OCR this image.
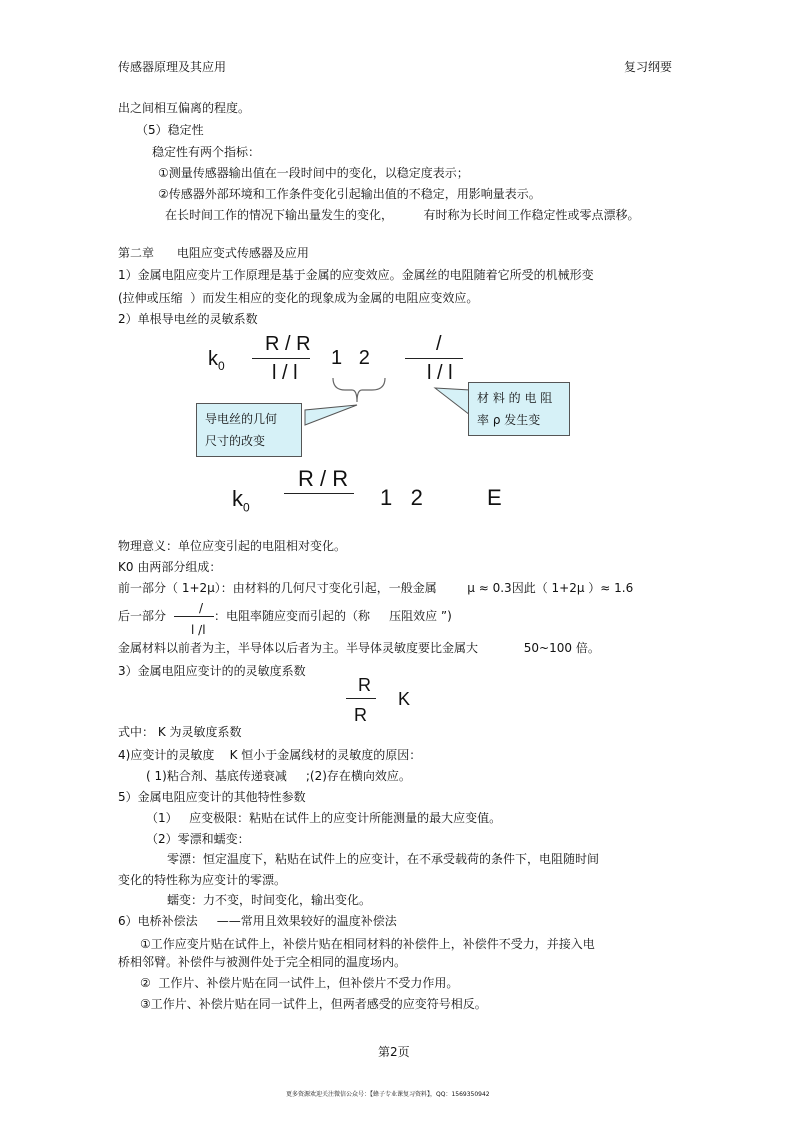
传感器原理及其应用	复习纲要
出之间相互偏离的程度。
（5）稳定性
稳定性有两个指标：
①测量传感器输出值在一段时间中的变化，以稳定度表示；
②传感器外部环境和工作条件变化引起输出值的不稳定，用影响量表示。
在长时间工作的情况下输出量发生的变化，        有时称为长时间工作稳定性或零点漂移。
第二章      电阻应变式传感器及应用
1）金属电阻应变片工作原理是基于金属的应变效应。金属丝的电阻随着它所受的机械形变
(拉伸或压缩  ）而发生相应的变化的现象成为金属的电阻应变效应。
2）单根导电丝的灵敏系数
$k_0$
R / R
l / l
1   2
/
l / l
导电丝的几何
尺寸的改变
材 料 的 电 阻
率 ρ 发生变
$k_0$
R / R
1   2	E
物理意义：单位应变引起的电阻相对变化。
K0 由两部分组成：
前一部分（ 1+2μ）：由材料的几何尺寸变化引起，一般金属        μ ≈ 0.3因此（ 1+2μ ）≈ 1.6
后一部分
/
l /l
：电阻率随应变而引起的（称     压阻效应 ”)
金属材料以前者为主，半导体以后者为主。半导体灵敏度要比金属大            50~100 倍。
3）金属电阻应变计的的灵敏度系数
R
R
K
式中： K 为灵敏度系数
4)应变计的灵敏度    K 恒小于金属线材的灵敏度的原因：
( 1)粘合剂、基底传递衰减     ;(2)存在横向效应。
5）金属电阻应变计的其他特性参数
（1）   应变极限：粘贴在试件上的应变计所能测量的最大应变值。
（2）零漂和蠕变：
零漂：恒定温度下，粘贴在试件上的应变计，在不承受载荷的条件下，电阻随时间
变化的特性称为应变计的零漂。
蠕变：力不变，时间变化，输出变化。
6）电桥补偿法     ——常用且效果较好的温度补偿法
①工作应变片贴在试件上，补偿片贴在相同材料的补偿件上，补偿件不受力，并接入电
桥相邻臂。补偿件与被测件处于完全相同的温度场内。
②  工作片、补偿片贴在同一试件上，但补偿片不受力作用。
③工作片、补偿片贴在同一试件上，但两者感受的应变符号相反。
第2页
更多资源欢迎关注微信公众号：【蜂子专业课复习资料】，QQ：1569350942
